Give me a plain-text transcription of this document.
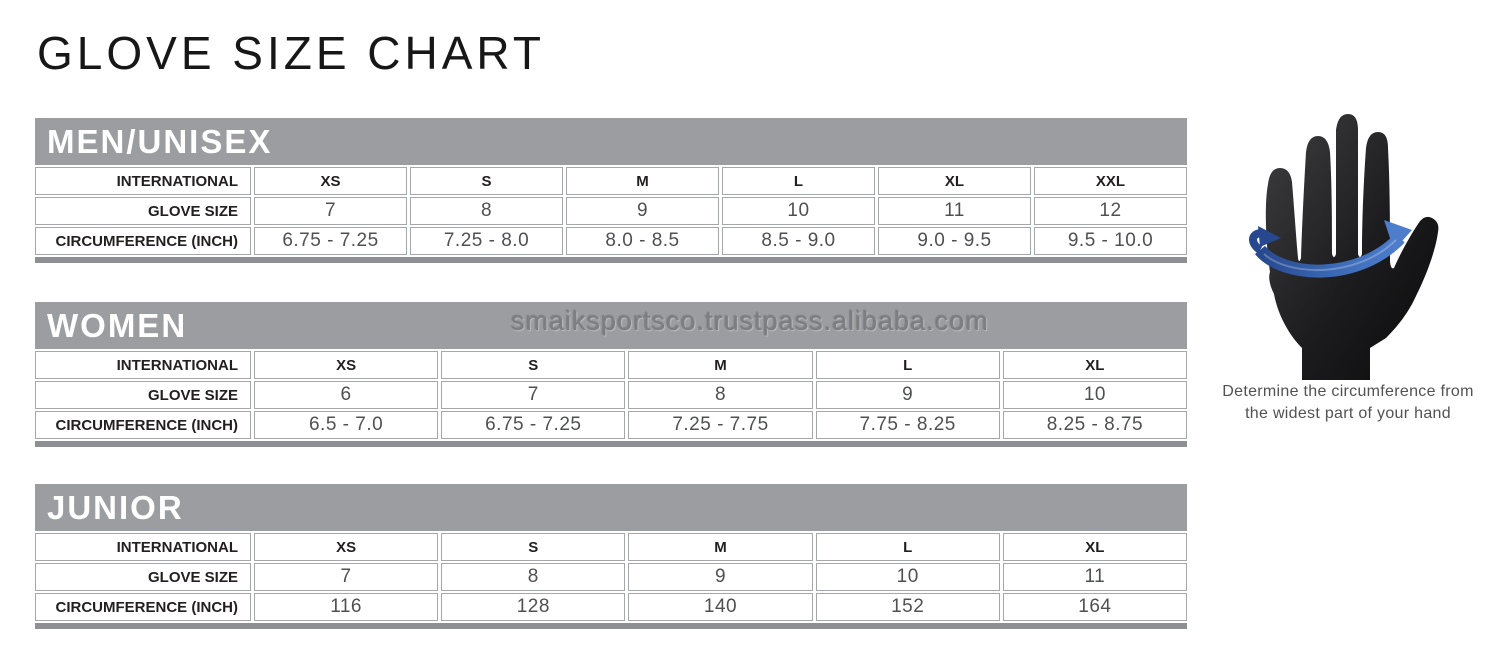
GLOVE SIZE CHART
MEN/UNISEX
INTERNATIONAL	XS	S	M	L	XL	XXL
GLOVE SIZE	7	8	9	10	11	12
CIRCUMFERENCE (INCH)	6.75 - 7.25	7.25 - 8.0	8.0 - 8.5	8.5 - 9.0	9.0 - 9.5	9.5 - 10.0
smaiksportsco.trustpass.alibaba.com
WOMEN
INTERNATIONAL	XS	S	M	L	XL
GLOVE SIZE	6	7	8	9	10
CIRCUMFERENCE (INCH)	6.5 - 7.0	6.75 - 7.25	7.25 - 7.75	7.75 - 8.25	8.25 - 8.75
JUNIOR
INTERNATIONAL	XS	S	M	L	XL
GLOVE SIZE	7	8	9	10	11
CIRCUMFERENCE (INCH)	116	128	140	152	164
Determine the circumference from
the widest part of your hand
